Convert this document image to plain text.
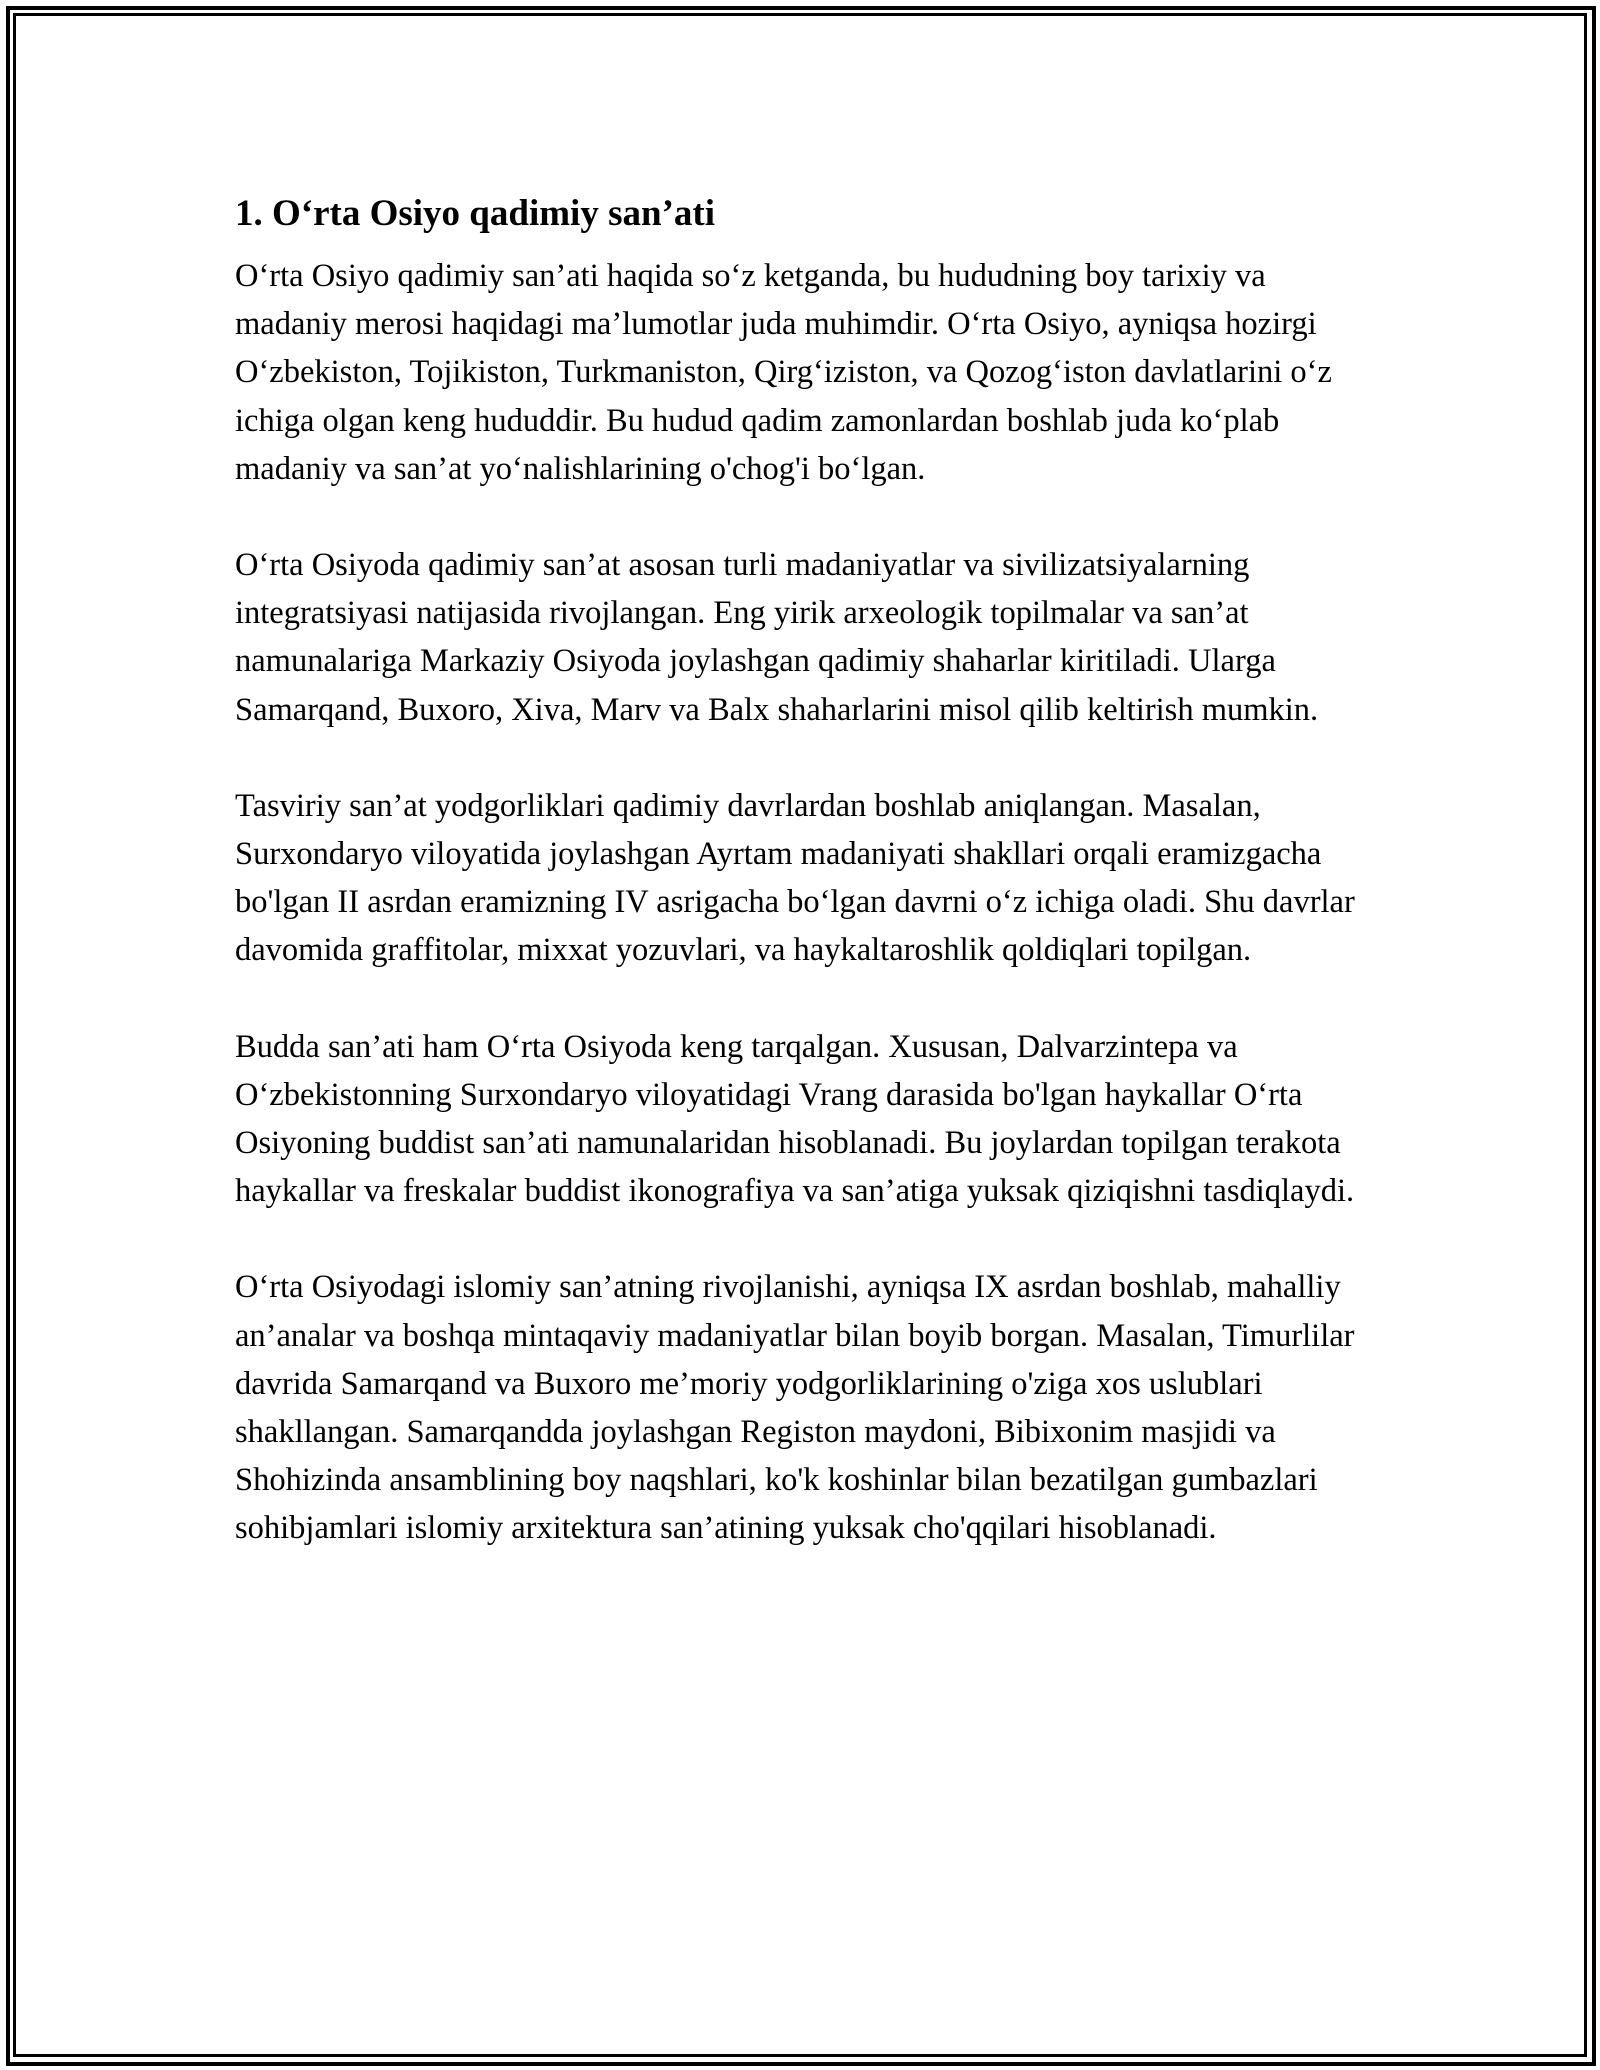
1. O‘rta Osiyo qadimiy san’ati

O‘rta Osiyo qadimiy san’ati haqida so‘z ketganda, bu hududning boy tarixiy va madaniy merosi haqidagi ma’lumotlar juda muhimdir. O‘rta Osiyo, ayniqsa hozirgi O‘zbekiston, Tojikiston, Turkmaniston, Qirg‘iziston, va Qozog‘iston davlatlarini o‘z ichiga olgan keng hududdir. Bu hudud qadim zamonlardan boshlab juda ko‘plab madaniy va san’at yo‘nalishlarining o'chog'i bo‘lgan.

O‘rta Osiyoda qadimiy san’at asosan turli madaniyatlar va sivilizatsiyalarning integratsiyasi natijasida rivojlangan. Eng yirik arxeologik topilmalar va san’at namunalariga Markaziy Osiyoda joylashgan qadimiy shaharlar kiritiladi. Ularga Samarqand, Buxoro, Xiva, Marv va Balx shaharlarini misol qilib keltirish mumkin.

Tasviriy san’at yodgorliklari qadimiy davrlardan boshlab aniqlangan. Masalan, Surxondaryo viloyatida joylashgan Ayrtam madaniyati shakllari orqali eramizgacha bo'lgan II asrdan eramizning IV asrigacha bo‘lgan davrni o‘z ichiga oladi. Shu davrlar davomida graffitolar, mixxat yozuvlari, va haykaltaroshlik qoldiqlari topilgan.

Budda san’ati ham O‘rta Osiyoda keng tarqalgan. Xususan, Dalvarzintepa va O‘zbekistonning Surxondaryo viloyatidagi Vrang darasida bo'lgan haykallar O‘rta Osiyoning buddist san’ati namunalaridan hisoblanadi. Bu joylardan topilgan terakota haykallar va freskalar buddist ikonografiya va san’atiga yuksak qiziqishni tasdiqlaydi.

O‘rta Osiyodagi islomiy san’atning rivojlanishi, ayniqsa IX asrdan boshlab, mahalliy an’analar va boshqa mintaqaviy madaniyatlar bilan boyib borgan. Masalan, Timurlilar davrida Samarqand va Buxoro me’moriy yodgorliklarining o'ziga xos uslublari shakllangan. Samarqandda joylashgan Registon maydoni, Bibixonim masjidi va Shohizinda ansamblining boy naqshlari, ko'k koshinlar bilan bezatilgan gumbazlari sohibjamlari islomiy arxitektura san’atining yuksak cho'qqilari hisoblanadi.
